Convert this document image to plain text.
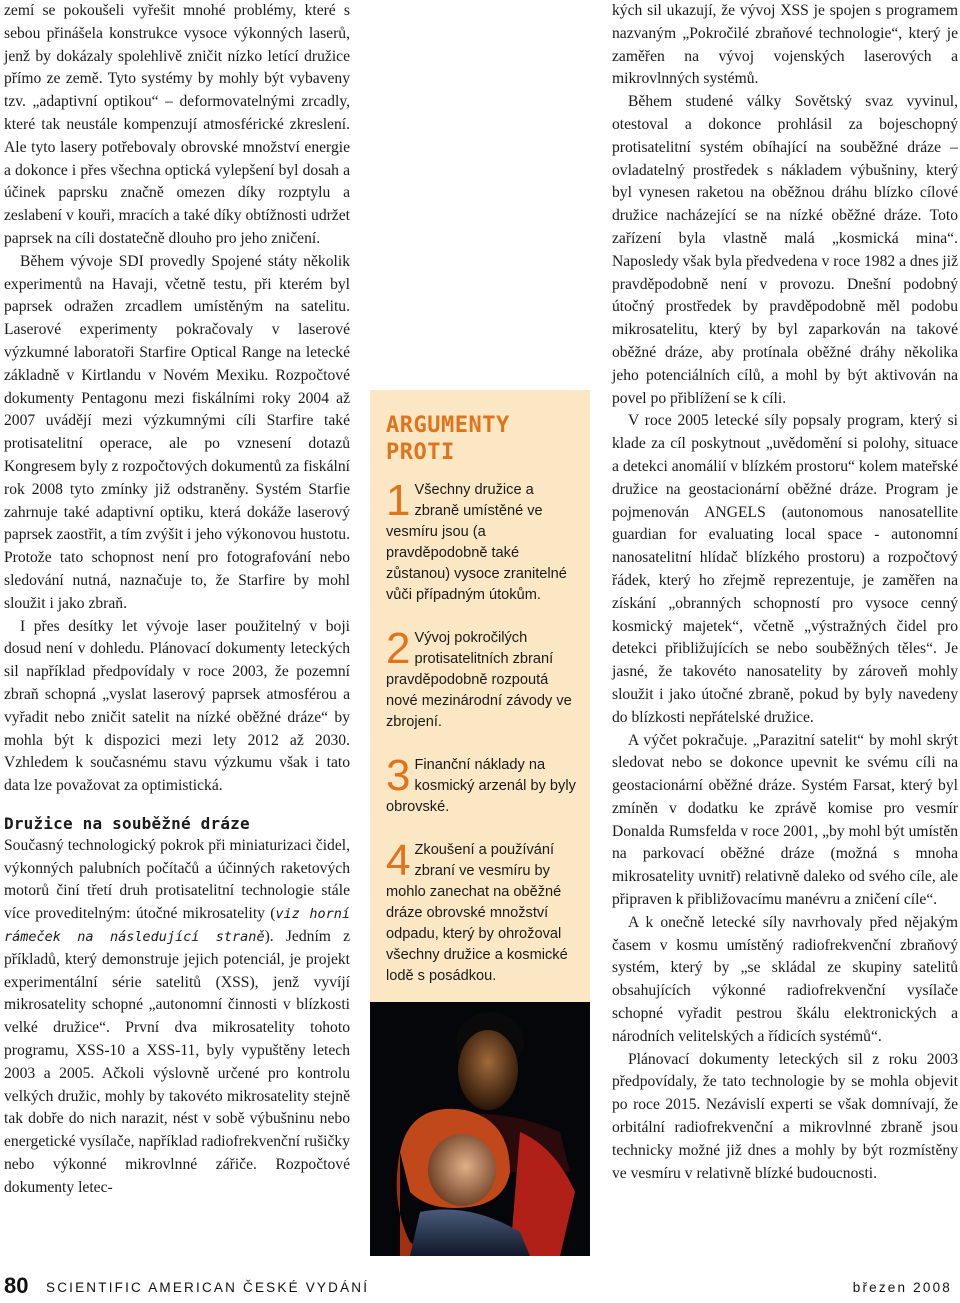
zemí se pokoušeli vyřešit mnohé problémy, které s sebou přinášela konstrukce vysoce výkonných laserů, jenž by dokázaly spolehlivě zničit nízko letící družice přímo ze země. Tyto systémy by mohly být vybaveny tzv. „adaptivní optikou“ – deformovatelnými zrcadly, které tak neustále kompenzují atmosférické zkreslení. Ale tyto lasery potřebovaly obrovské množství energie a dokonce i přes všechna optická vylepšení byl dosah a účinek paprsku značně omezen díky rozptylu a zeslabení v kouři, mracích a také díky obtížnosti udržet paprsek na cíli dostatečně dlouho pro jeho zničení.

Během vývoje SDI provedly Spojené státy několik experimentů na Havaji, včetně testu, při kterém byl paprsek odražen zrcadlem umístěným na satelitu. Laserové experimenty pokračovaly v laserové výzkumné laboratoři Starfire Optical Range na letecké základně v Kirtlandu v Novém Mexiku. Rozpočtové dokumenty Pentagonu mezi fiskálními roky 2004 až 2007 uvádějí mezi výzkumnými cíli Starfire také protisatelitní operace, ale po vznesení dotazů Kongresem byly z rozpočtových dokumentů za fiskální rok 2008 tyto zmínky již odstraněny. Systém Starfie zahrnuje také adaptivní optiku, která dokáže laserový paprsek zaostřit, a tím zvýšit i jeho výkonovou hustotu. Protože tato schopnost není pro fotografování nebo sledování nutná, naznačuje to, že Starfire by mohl sloužit i jako zbraň.

I přes desítky let vývoje laser použitelný v boji dosud není v dohledu. Plánovací dokumenty leteckých sil například předpovídaly v roce 2003, že pozemní zbraň schopná „vyslat laserový paprsek atmosférou a vyřadit nebo zničit satelit na nízké oběžné dráze“ by mohla být k dispozici mezi lety 2012 až 2030. Vzhledem k současnému stavu výzkumu však i tato data lze považovat za optimistická.

Družice na souběžné dráze

Současný technologický pokrok při miniaturizaci čidel, výkonných palubních počítačů a účinných raketových motorů činí třetí druh protisatelitní technologie stále více proveditelným: útočné mikrosatelity (viz horní rámeček na následující straně). Jedním z příkladů, který demonstruje jejich potenciál, je projekt experimentální série satelitů (XSS), jenž vyvíjí mikrosatelity schopné „autonomní činnosti v blízkosti velké družice“. První dva mikrosatelity tohoto programu, XSS-10 a XSS-11, byly vypuštěny letech 2003 a 2005. Ačkoli výslovně určené pro kontrolu velkých družic, mohly by takovéto mikrosatelity stejně tak dobře do nich narazit, nést v sobě výbušninu nebo energetické vysílače, například radiofrekvenční rušičky nebo výkonné mikrovlnné zářiče. Rozpočtové dokumenty letec-

ARGUMENTY
PROTI
1 Všechny družice a zbraně umístěné ve vesmíru jsou (a pravděpodobně také zůstanou) vysoce zranitelné vůči případným útokům.
2 Vývoj pokročilých protisatelitních zbraní pravděpodobně rozpoutá nové mezinárodní závody ve zbrojení.
3 Finanční náklady na kosmický arzenál by byly obrovské.
4 Zkoušení a používání zbraní ve vesmíru by mohlo zanechat na oběžné dráze obrovské množství odpadu, který by ohrožoval všechny družice a kosmické lodě s posádkou.

kých sil ukazují, že vývoj XSS je spojen s programem nazvaným „Pokročilé zbraňové technologie“, který je zaměřen na vývoj vojenských laserových a mikrovlnných systémů.

Během studené války Sovětský svaz vyvinul, otestoval a dokonce prohlásil za bojeschopný protisatelitní systém obíhající na souběžné dráze – ovladatelný prostředek s nákladem výbušniny, který byl vynesen raketou na oběžnou dráhu blízko cílové družice nacházející se na nízké oběžné dráze. Toto zařízení byla vlastně malá „kosmická mina“. Naposledy však byla předvedena v roce 1982 a dnes již pravděpodobně není v provozu. Dnešní podobný útočný prostředek by pravděpodobně měl podobu mikrosatelitu, který by byl zaparkován na takové oběžné dráze, aby protínala oběžné dráhy několika jeho potenciálních cílů, a mohl by být aktivován na povel po přiblížení se k cíli.

V roce 2005 letecké síly popsaly program, který si klade za cíl poskytnout „uvědomění si polohy, situace a detekci anomálií v blízkém prostoru“ kolem mateřské družice na geostacionární oběžné dráze. Program je pojmenován ANGELS (autonomous nanosatellite guardian for evaluating local space - autonomní nanosatelitní hlídač blízkého prostoru) a rozpočtový řádek, který ho zřejmě reprezentuje, je zaměřen na získání „obranných schopností pro vysoce cenný kosmický majetek“, včetně „výstražných čidel pro detekci přibližujících se nebo souběžných těles“. Je jasné, že takovéto nanosatelity by zároveň mohly sloužit i jako útočné zbraně, pokud by byly navedeny do blízkosti nepřátelské družice.

A výčet pokračuje. „Parazitní satelit“ by mohl skrýt sledovat nebo se dokonce upevnit ke svému cíli na geostacionární oběžné dráze. Systém Farsat, který byl zmíněn v dodatku ke zprávě komise pro vesmír Donalda Rumsfelda v roce 2001, „by mohl být umístěn na parkovací oběžné dráze (možná s mnoha mikrosatelity uvnitř) relativně daleko od svého cíle, ale připraven k přibližovacímu manévru a zničení cíle“.

A k onečně letecké síly navrhovaly před nějakým časem v kosmu umístěný radiofrekvenční zbraňový systém, který by „se skládal ze skupiny satelitů obsahujících výkonné radiofrekvenční vysílače schopné vyřadit pestrou škálu elektronických a národních velitelských a řídicích systémů“.

Plánovací dokumenty leteckých sil z roku 2003 předpovídaly, že tato technologie by se mohla objevit po roce 2015. Nezávislí experti se však domnívají, že orbitální radiofrekvenční a mikrovlnné zbraně jsou technicky možné již dnes a mohly by být rozmístěny ve vesmíru v relativně blízké budoucnosti.

80 SCIENTIFIC AMERICAN ČESKÉ VYDÁNÍ	březen 2008
